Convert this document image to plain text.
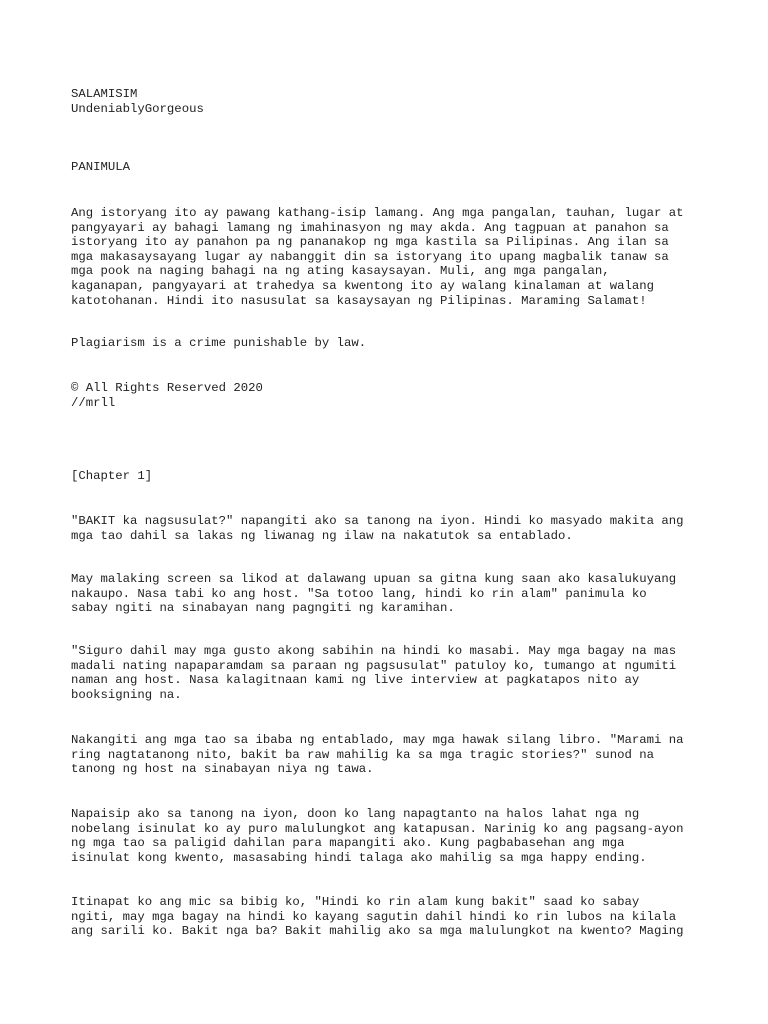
SALAMISIM

UndeniablyGorgeous

PANIMULA

Ang istoryang ito ay pawang kathang-isip lamang. Ang mga pangalan, tauhan, lugar at
pangyayari ay bahagi lamang ng imahinasyon ng may akda. Ang tagpuan at panahon sa
istoryang ito ay panahon pa ng pananakop ng mga kastila sa Pilipinas. Ang ilan sa
mga makasaysayang lugar ay nabanggit din sa istoryang ito upang magbalik tanaw sa
mga pook na naging bahagi na ng ating kasaysayan. Muli, ang mga pangalan,
kaganapan, pangyayari at trahedya sa kwentong ito ay walang kinalaman at walang
katotohanan. Hindi ito nasusulat sa kasaysayan ng Pilipinas. Maraming Salamat!

Plagiarism is a crime punishable by law.

© All Rights Reserved 2020
//mrll

[Chapter 1]

"BAKIT ka nagsusulat?" napangiti ako sa tanong na iyon. Hindi ko masyado makita ang
mga tao dahil sa lakas ng liwanag ng ilaw na nakatutok sa entablado.

May malaking screen sa likod at dalawang upuan sa gitna kung saan ako kasalukuyang
nakaupo. Nasa tabi ko ang host. "Sa totoo lang, hindi ko rin alam" panimula ko
sabay ngiti na sinabayan nang pagngiti ng karamihan.

"Siguro dahil may mga gusto akong sabihin na hindi ko masabi. May mga bagay na mas
madali nating napaparamdam sa paraan ng pagsusulat" patuloy ko, tumango at ngumiti
naman ang host. Nasa kalagitnaan kami ng live interview at pagkatapos nito ay
booksigning na.

Nakangiti ang mga tao sa ibaba ng entablado, may mga hawak silang libro. "Marami na
ring nagtatanong nito, bakit ba raw mahilig ka sa mga tragic stories?" sunod na
tanong ng host na sinabayan niya ng tawa.

Napaisip ako sa tanong na iyon, doon ko lang napagtanto na halos lahat nga ng
nobelang isinulat ko ay puro malulungkot ang katapusan. Narinig ko ang pagsang-ayon
ng mga tao sa paligid dahilan para mapangiti ako. Kung pagbabasehan ang mga
isinulat kong kwento, masasabing hindi talaga ako mahilig sa mga happy ending.

Itinapat ko ang mic sa bibig ko, "Hindi ko rin alam kung bakit" saad ko sabay
ngiti, may mga bagay na hindi ko kayang sagutin dahil hindi ko rin lubos na kilala
ang sarili ko. Bakit nga ba? Bakit mahilig ako sa mga malulungkot na kwento? Maging
